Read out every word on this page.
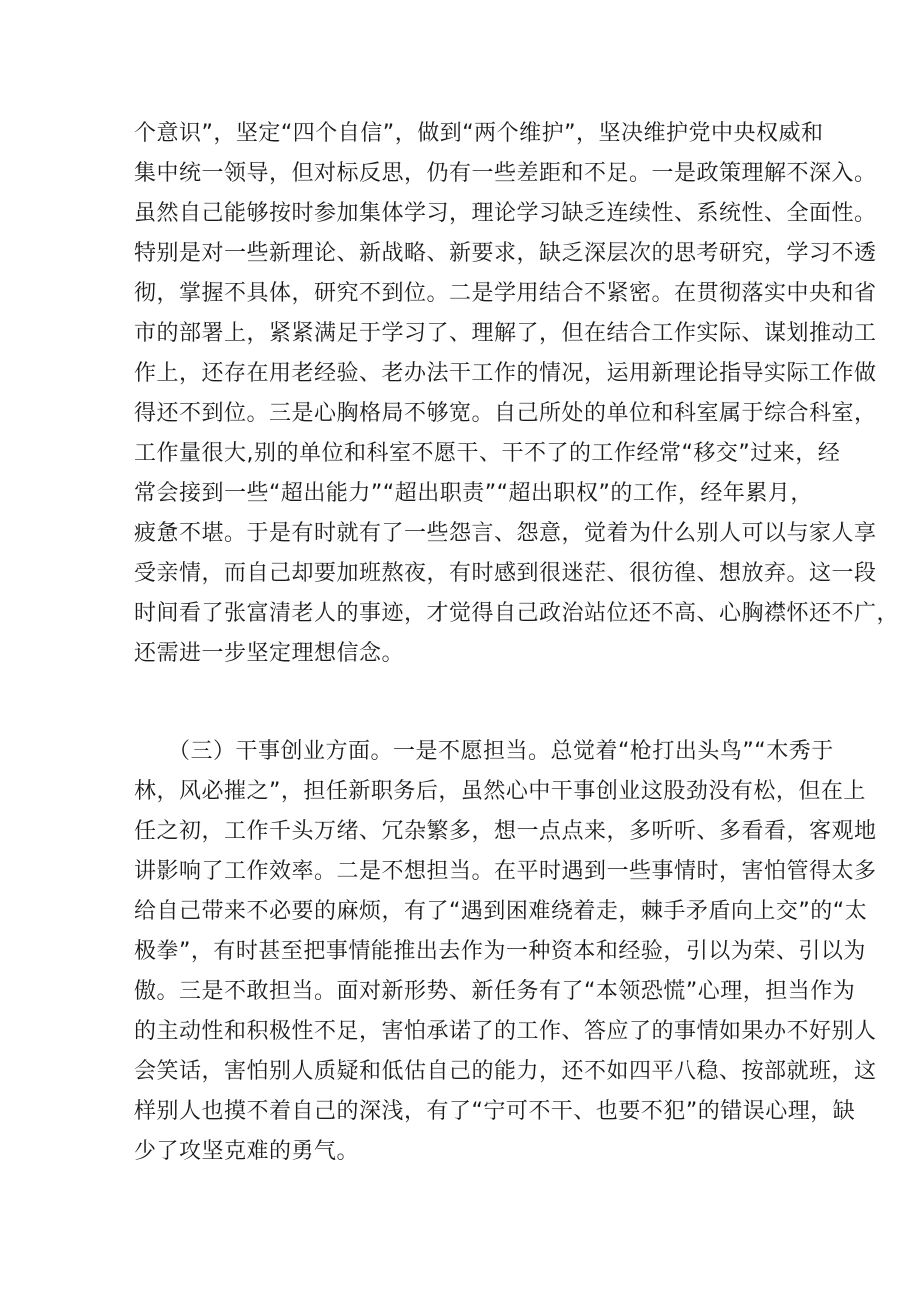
个意识”，坚定“四个自信”，做到“两个维护”，坚决维护党中央权威和
集中统一领导，但对标反思，仍有一些差距和不足。一是政策理解不深入。
虽然自己能够按时参加集体学习，理论学习缺乏连续性、系统性、全面性。
特别是对一些新理论、新战略、新要求，缺乏深层次的思考研究，学习不透
彻，掌握不具体，研究不到位。二是学用结合不紧密。在贯彻落实中央和省
市的部署上，紧紧满足于学习了、理解了，但在结合工作实际、谋划推动工
作上，还存在用老经验、老办法干工作的情况，运用新理论指导实际工作做
得还不到位。三是心胸格局不够宽。自己所处的单位和科室属于综合科室，
工作量很大,别的单位和科室不愿干、干不了的工作经常“移交”过来，经
常会接到一些“超出能力”“超出职责”“超出职权”的工作，经年累月，
疲惫不堪。于是有时就有了一些怨言、怨意，觉着为什么别人可以与家人享
受亲情，而自己却要加班熬夜，有时感到很迷茫、很彷徨、想放弃。这一段
时间看了张富清老人的事迹，才觉得自己政治站位还不高、心胸襟怀还不广，
还需进一步坚定理想信念。
　　（三）干事创业方面。一是不愿担当。总觉着“枪打出头鸟”“木秀于
林，风必摧之”，担任新职务后，虽然心中干事创业这股劲没有松，但在上
任之初，工作千头万绪、冗杂繁多，想一点点来，多听听、多看看，客观地
讲影响了工作效率。二是不想担当。在平时遇到一些事情时，害怕管得太多
给自己带来不必要的麻烦，有了“遇到困难绕着走，棘手矛盾向上交”的“太
极拳”，有时甚至把事情能推出去作为一种资本和经验，引以为荣、引以为
傲。三是不敢担当。面对新形势、新任务有了“本领恐慌”心理，担当作为
的主动性和积极性不足，害怕承诺了的工作、答应了的事情如果办不好别人
会笑话，害怕别人质疑和低估自己的能力，还不如四平八稳、按部就班，这
样别人也摸不着自己的深浅，有了“宁可不干、也要不犯”的错误心理，缺
少了攻坚克难的勇气。
